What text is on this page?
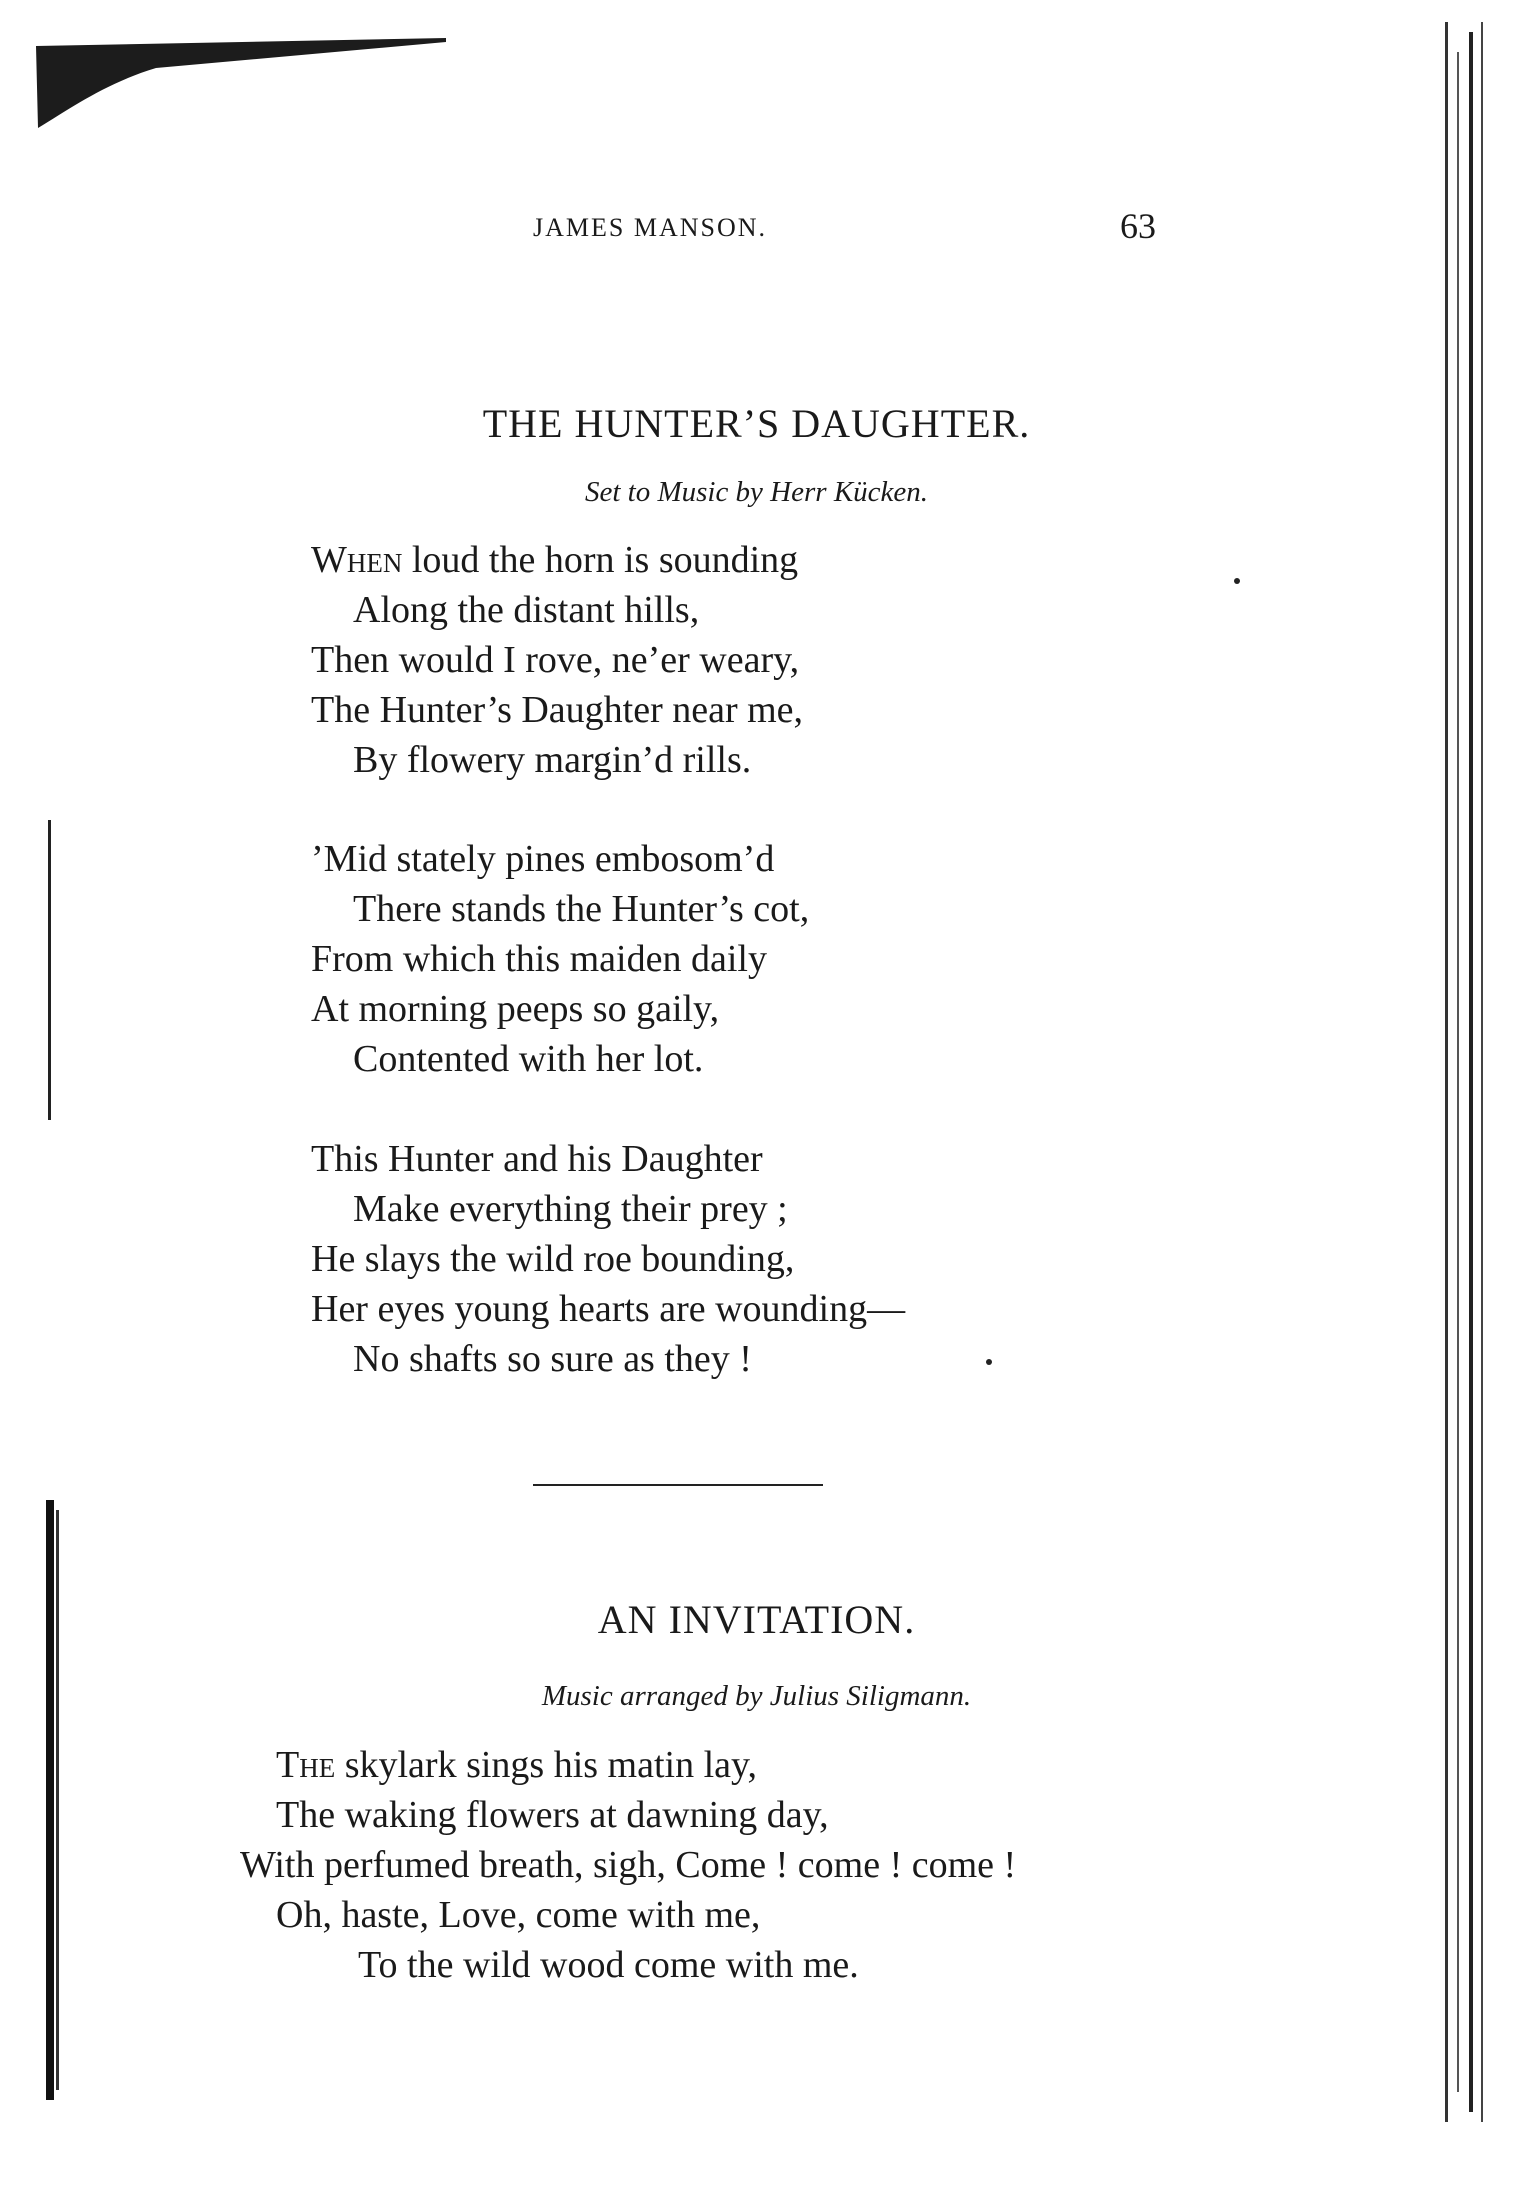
JAMES MANSON.	63
THE HUNTER’S DAUGHTER.
Set to Music by Herr Kücken.
When loud the horn is sounding
Along the distant hills,
Then would I rove, ne’er weary,
The Hunter’s Daughter near me,
By flowery margin’d rills.
’Mid stately pines embosom’d
There stands the Hunter’s cot,
From which this maiden daily
At morning peeps so gaily,
Contented with her lot.
This Hunter and his Daughter
Make everything their prey ;
He slays the wild roe bounding,
Her eyes young hearts are wounding—
No shafts so sure as they !
AN INVITATION.
Music arranged by Julius Siligmann.
The skylark sings his matin lay,
The waking flowers at dawning day,
With perfumed breath, sigh, Come ! come ! come !
Oh, haste, Love, come with me,
To the wild wood come with me.
